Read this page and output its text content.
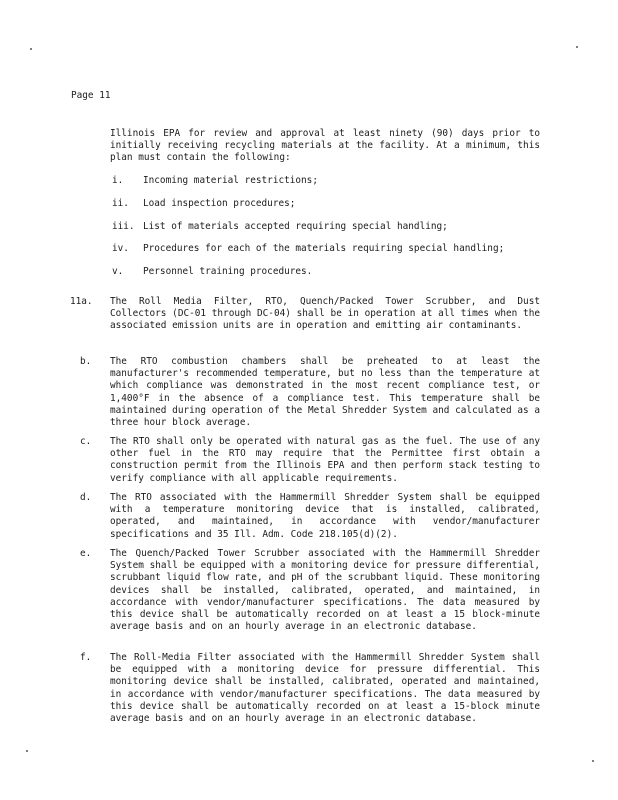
Page 11
Illinois EPA for review and approval at least ninety (90) days prior to initially receiving recycling materials at the facility. At a minimum, this plan must contain the following:
i. Incoming material restrictions;
ii. Load inspection procedures;
iii. List of materials accepted requiring special handling;
iv. Procedures for each of the materials requiring special handling;
v. Personnel training procedures.
11a. The Roll Media Filter, RTO, Quench/Packed Tower Scrubber, and Dust Collectors (DC-01 through DC-04) shall be in operation at all times when the associated emission units are in operation and emitting air contaminants.
b. The RTO combustion chambers shall be preheated to at least the manufacturer's recommended temperature, but no less than the temperature at which compliance was demonstrated in the most recent compliance test, or 1,400°F in the absence of a compliance test. This temperature shall be maintained during operation of the Metal Shredder System and calculated as a three hour block average.
c. The RTO shall only be operated with natural gas as the fuel. The use of any other fuel in the RTO may require that the Permittee first obtain a construction permit from the Illinois EPA and then perform stack testing to verify compliance with all applicable requirements.
d. The RTO associated with the Hammermill Shredder System shall be equipped with a temperature monitoring device that is installed, calibrated, operated, and maintained, in accordance with vendor/manufacturer specifications and 35 Ill. Adm. Code 218.105(d)(2).
e. The Quench/Packed Tower Scrubber associated with the Hammermill Shredder System shall be equipped with a monitoring device for pressure differential, scrubbant liquid flow rate, and pH of the scrubbant liquid. These monitoring devices shall be installed, calibrated, operated, and maintained, in accordance with vendor/manufacturer specifications. The data measured by this device shall be automatically recorded on at least a 15 block-minute average basis and on an hourly average in an electronic database.
f. The Roll-Media Filter associated with the Hammermill Shredder System shall be equipped with a monitoring device for pressure differential. This monitoring device shall be installed, calibrated, operated and maintained, in accordance with vendor/manufacturer specifications. The data measured by this device shall be automatically recorded on at least a 15-block minute average basis and on an hourly average in an electronic database.
